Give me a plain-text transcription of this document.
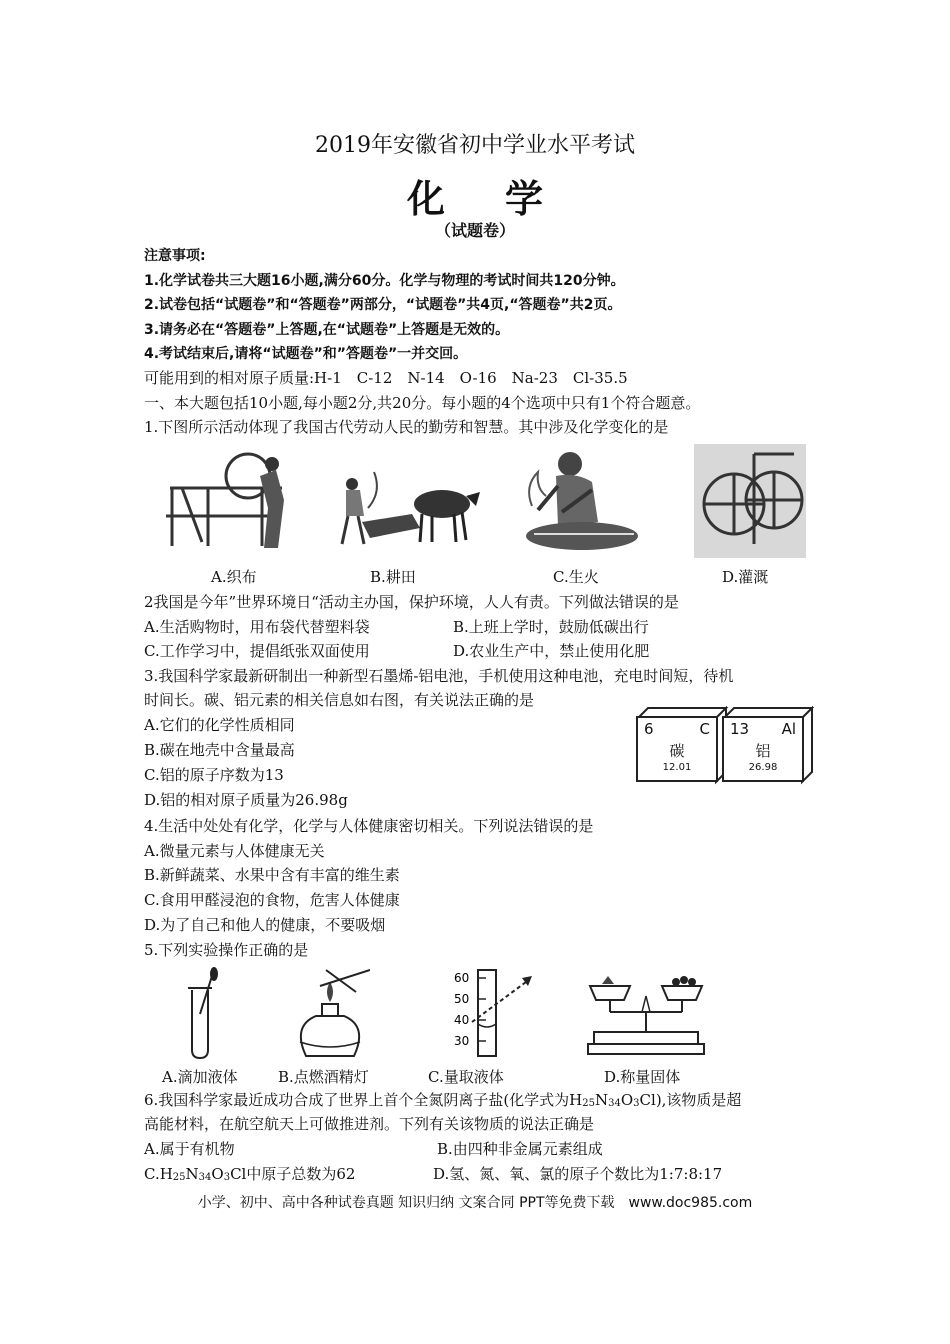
2019年安徽省初中学业水平考试
化学
（试题卷）
注意事项:
1.化学试卷共三大题16小题,满分60分。化学与物理的考试时间共120分钟。
2.试卷包括“试题卷”和“答题卷”两部分，“试题卷”共4页,“答题卷”共2页。
3.请务必在“答题卷”上答题,在“试题卷”上答题是无效的。
4.考试结束后,请将“试题卷”和”答题卷”一并交回。
可能用到的相对原子质量:H-1　C-12　N-14　O-16　Na-23　Cl-35.5
一、本大题包括10小题,每小题2分,共20分。每小题的4个选项中只有1个符合题意。
1.下图所示活动体现了我国古代劳动人民的勤劳和智慧。其中涉及化学变化的是
A.织布	B.耕田	C.生火	D.灌溉
2我国是今年”世界环境日“活动主办国，保护环境，人人有责。下列做法错误的是
A.生活购物时，用布袋代替塑料袋	B.上班上学时，鼓励低碳出行
C.工作学习中，提倡纸张双面使用	D.农业生产中，禁止使用化肥
3.我国科学家最新研制出一种新型石墨烯-铝电池，手机使用这种电池，充电时间短，待机
时间长。碳、铝元素的相关信息如右图，有关说法正确的是
A.它们的化学性质相同
B.碳在地壳中含量最高
C.铝的原子序数为13
D.铝的相对原子质量为26.98g
6	C
碳
12.01
13 Al
铝
26.98
4.生活中处处有化学，化学与人体健康密切相关。下列说法错误的是
A.微量元素与人体健康无关
B.新鲜蔬菜、水果中含有丰富的维生素
C.食用甲醛浸泡的食物，危害人体健康
D.为了自己和他人的健康，不要吸烟
5.下列实验操作正确的是
60
50
40
30
A.滴加液体	B.点燃酒精灯	C.量取液体	D.称量固体
6.我国科学家最近成功合成了世界上首个全氮阴离子盐(化学式为H25N34O3Cl),该物质是超
高能材料，在航空航天上可做推进剂。下列有关该物质的说法正确是
A.属于有机物	B.由四种非金属元素组成
C.H25N34O3Cl中原子总数为62	D.氢、氮、氧、氯的原子个数比为1:7:8:17
小学、初中、高中各种试卷真题 知识归纳 文案合同 PPT等免费下载　www.doc985.com
